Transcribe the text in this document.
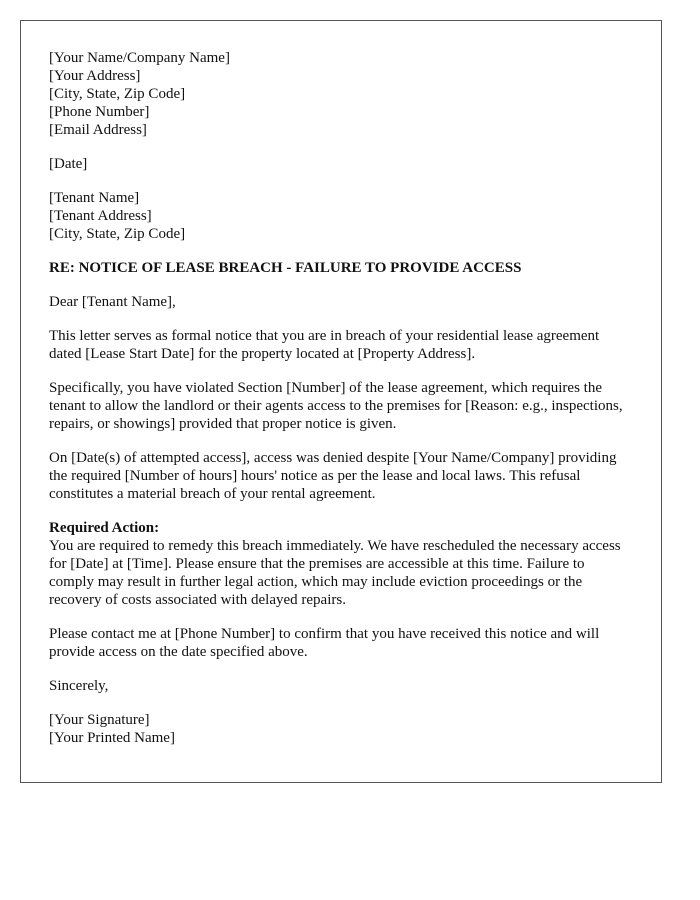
[Your Name/Company Name]
[Your Address]
[City, State, Zip Code]
[Phone Number]
[Email Address]
[Date]
[Tenant Name]
[Tenant Address]
[City, State, Zip Code]
RE: NOTICE OF LEASE BREACH - FAILURE TO PROVIDE ACCESS

Dear [Tenant Name],

This letter serves as formal notice that you are in breach of your residential lease agreement dated [Lease Start Date] for the property located at [Property Address].

Specifically, you have violated Section [Number] of the lease agreement, which requires the tenant to allow the landlord or their agents access to the premises for [Reason: e.g., inspections, repairs, or showings] provided that proper notice is given.

On [Date(s) of attempted access], access was denied despite [Your Name/Company] providing the required [Number of hours] hours' notice as per the lease and local laws. This refusal constitutes a material breach of your rental agreement.

Required Action:
You are required to remedy this breach immediately. We have rescheduled the necessary access for [Date] at [Time]. Please ensure that the premises are accessible at this time. Failure to comply may result in further legal action, which may include eviction proceedings or the recovery of costs associated with delayed repairs.

Please contact me at [Phone Number] to confirm that you have received this notice and will provide access on the date specified above.

Sincerely,

[Your Signature]
[Your Printed Name]
